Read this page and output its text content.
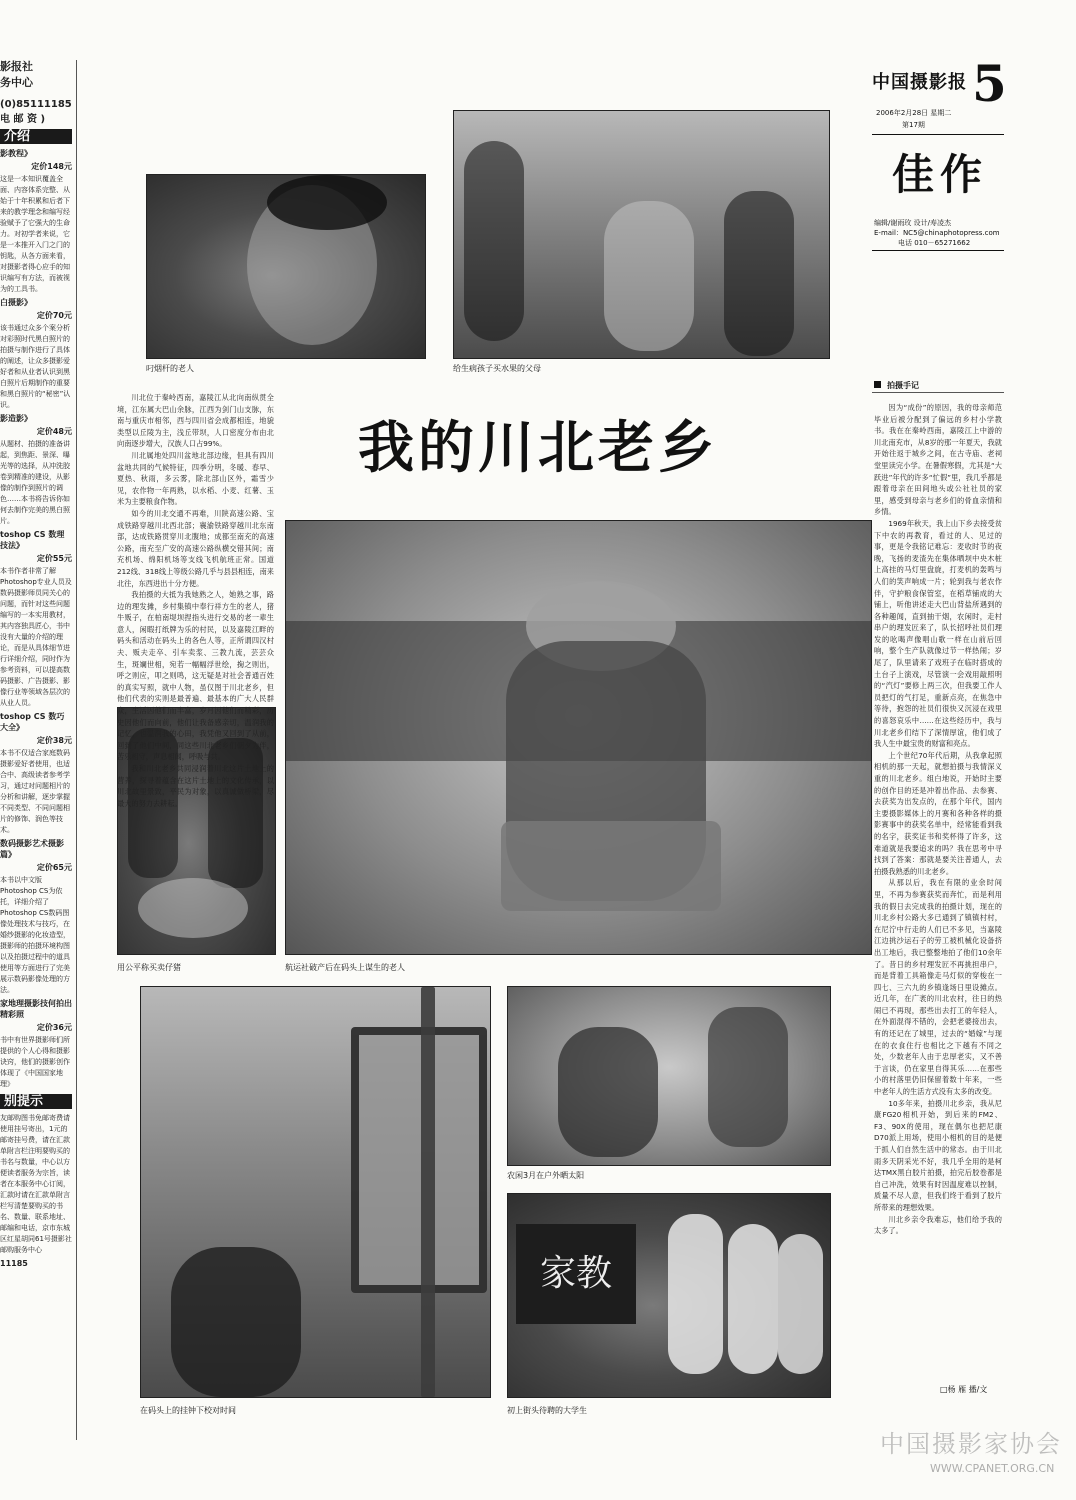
影报社
务中心
(0)85111185
电 邮 资 )
介绍
影教程》
定价148元
这是一本知识覆盖全面、内容体系完整、从始于十年积累和后者下来的教学理念和编写经验赋予了它强大的生命力。对初学者来说，它是一本推开入门之门的钥匙，从各方面来看，对摄影者得心应手的知识编写有方法，而被视为的工具书。
白摄影》
定价70元
该书通过众多个案分析对彩照时代黑白照片的拍摄与制作进行了具体的阐述，让众多摄影爱好者和从业者认识到黑白照片后期制作的重要和黑白照片的“秘密”认识。
影造影》
定价48元
从题材、拍摄的准备讲起，到焦距、景深、曝光等的选择，从冲洗胶卷到精准的建设，从影像的制作到照片的调色……本书将告诉你如何去制作完美的黑白照片。
toshop CS 数理技法》
定价55元
本书作者非常了解Photoshop专业人员及数码摄影师员同关心的问题，而针对这些问题编写的一本实用教材，其内容独具匠心，书中没有大量的介绍的理论，而是从具体细节进行详细介绍，同时作为参考资料，可以提高数码摄影、广告摄影、影像行业等领域各层次的从业人员。
toshop CS 数巧大全》
定价38元
本书不仅适合家庭数码摄影爱好者使用，也适合中、高级读者参考学习，通过对问题相片的分析和讲解，逐步掌握不同类型、不同问题相片的修饰、润色等技术。
数码摄影艺术摄影篇》
定价65元
本书以中文版Photoshop CS为依托，详细介绍了Photoshop CS数码图像处理技术与技巧，在婚纱摄影的化妆造型，摄影师的拍摄环境构图以及拍摄过程中的道具使用等方面进行了完美展示数码影像处理的方法。
家地理摄影技何拍出精彩照
定价36元
书中有世界摄影师们所提供的个人心得和摄影诀窍，他们的摄影创作体现了《中国国家地理》
别提示
友邮购图书免邮寄费请使用挂号寄出，1元的邮寄挂号费，请在汇款单附言栏注明要购买的书名与数量，中心以方便读者服务为宗旨，读者在本服务中心订阅，汇款时请在汇款单附言栏写清楚要购买的书名、数量、联系地址、邮编和电话，京市东城区红星胡同61号摄影社邮购服务中心
11185
中国摄影报 5
2006年2月28日 星期二
第17期
佳作
编辑/谢雨玫 设计/寿凌杰
E-mail：NC5@chinaphotopress.com
电话 010－65271662
叼烟杆的老人	给生病孩子买水果的父母
航运社破产后在码头上谋生的老人
用公平称买卖仔猪
农闲3月在户外晒太阳
在码头上的挂钟下校对时间
家教
初上街头待聘的大学生
我的川北老乡

川北位于秦岭西南，嘉陵江从北向南纵贯全境，江东属大巴山余脉，江西为剑门山支脉，东南与重庆市相邻，西与四川省会成都相连，地貌类型以丘陵为主，浅丘带坝，人口密度分布由北向南逐步增大，汉族人口占99%。

川北属地处四川盆地北部边缘，但具有四川盆地共同的气候特征，四季分明，冬暖、春早、夏热、秋雨，多云雾，除北部山区外，霜雪少见，农作物一年两熟，以水稻、小麦、红薯、玉米为主要粮食作物。

如今的川北交通不再难，川陕高速公路、宝成铁路穿越川北西北部；襄渝铁路穿越川北东南部，达成铁路贯穿川北腹地；成都至南充的高速公路，南充至广安的高速公路纵横交错其间；南充机场、绵阳机场等支线飞机航班正常。国道212线、318线上等级公路几乎与县县相连，南来北往，东西进出十分方便。

我拍摄的大抵为我她熟之人，她熟之事，路边的理发摊，乡村集镇中奉行祥方生的老人，猪牛贩子，在柏南堤坝捏指头进行交易的老一辈生意人，闲暇打纸牌为乐的村民，以及嘉陵江畔的码头和活动在码头上的各色人等，正所谓四汉村夫、贩夫走卒、引车卖浆、三教九流，芸芸众生，斑斓世相，宛若一幅幅浮世绘，掬之则出，呼之则应，叩之则鸣，这无疑是对社会普通百姓的真实写照，就中人物，虽仅图于川北老乡，但他们代表的实则是最普遍、最基本的广大人民群众，生活因他们而丰富，岁月因他们而精彩，历史因他们而向前，他们让我备感亲切，温润我的记忆，也温润我的心田，我凭他又回到了从前，回到了他们中间，同这些川北老乡们朝夕为伴，苦乐相守，声息相闻，呼吸与共。

我和川北老乡共同浸润着川北这片土地上的营养，探寻着蕴含在这片土地上的文化传承，以川北故里景致，平民为对象，以真诚做桥梁，尽最大的努力去耕耘。

拍摄手记

因为“成份”的原因，我的母亲师范毕业后被分配到了偏远的乡村小学教书。我在在秦岭西南，嘉陵江上中游的川北南充市，从8岁的那一年夏天，我就开始往返于城乡之间，在古寺庙、老祠堂里读完小学。在暑假寒假，尤其是“大跃进”年代的许多“忙假”里，我几乎都是跟着母亲在田间地头或公社社员的家里，感受到母亲与老乡们的骨血亲情和乡情。

1969年秋天，我上山下乡去接受贫下中农的再教育，看过的人、见过的事，更是令我铭记难忘：麦收时节的夜晚，飞扬的麦渣先在集体晒坝中央木桩上高挂的马灯里盘旋，打麦机的轰鸣与人们的笑声响成一片；轮到我与老农作伴，守护粮食保管室，在稻草铺成的大铺上，听他讲述走大巴山背盐所遇到的各种趣闻，直到抽干烟，农闲时，走村串户的理发匠来了，队长招呼社员们理发的吆喝声像唱山歌一样在山前后回响，整个生产队就像过节一样热闹；岁尾了，队里请来了戏班子在临时搭成的土台子上演戏，尽管演一会戏用敲照明的“汽灯”要修上两三次，但我要工作人员把灯的气打足，重新点亮，在焦急中等待，抱怨的社员们很快又沉浸在戏里的喜怒哀乐中……在这些经历中，我与川北老乡们结下了深情厚谊，他们成了我人生中最宝贵的财富和亮点。

上个世纪70年代后期，从我拿起照相机的那一天起，就想拍摄与我情深义重的川北老乡。组白地说，开始时主要的创作目的还是冲着出作品、去参赛、去获奖为出发点的，在那个年代，国内主要摄影媒体上的月赛和各种各样的摄影赛事中的获奖名单中，经常能看到我的名字，获奖证书和奖杯得了许多，这难道就是我要追求的吗？我在思考中寻找到了答案：那就是要关注普通人，去拍摄我熟悉的川北老乡。

从那以后，我在有限的业余时间里，不再为参赛获奖而奔忙，而是利用我的假日去完成我的拍摄计划，现在的川北乡村公路大多已通到了镇镇村村，在尼泞中行走的人们已不多见，当嘉陵江边挑沙运石子的劳工被机械化设备挤出工地后，我已整整地拍了他们10余年了。昔日的乡村理发匠不再挑担串户，而是背着工具箱像走马灯似的穿梭在一四七、三六九的乡镇逢场日里设摊点。近几年，在广袤的川北农村，往日的热闹已不再现，那些出去打工的年轻人，在外面混得不错的，会把老婆接出去，有的还记在了城里，过去的“婚嫁”与现在的衣食住行也相比之下越有不同之处，少数老年人由于忠厚老实，又不善于言谈，仍在家里自得其乐……在那些小的村落里仍旧保留着数十年来，一些中老年人的生活方式没有太多的改变。

10多年来，拍摄川北乡亲，我从尼康FG20相机开始，到后来的FM2、F3、90X的使用，现在偶尔也把尼康D70派上用场，使用小相机的目的是便于抓人们自然生活中的常态。由于川北雨多天阴采光不好，我几乎全用的是柯达TMX黑白胶片拍摄，拍完后胶卷都是自己冲洗，效果有时因温度难以控制，质量不尽人意，但我们终于看到了胶片所带来的理想效果。

川北乡亲令我难忘，他们给予我的太多了。

□杨 雁 播/文
中国摄影家协会
WWW.CPANET.ORG.CN
